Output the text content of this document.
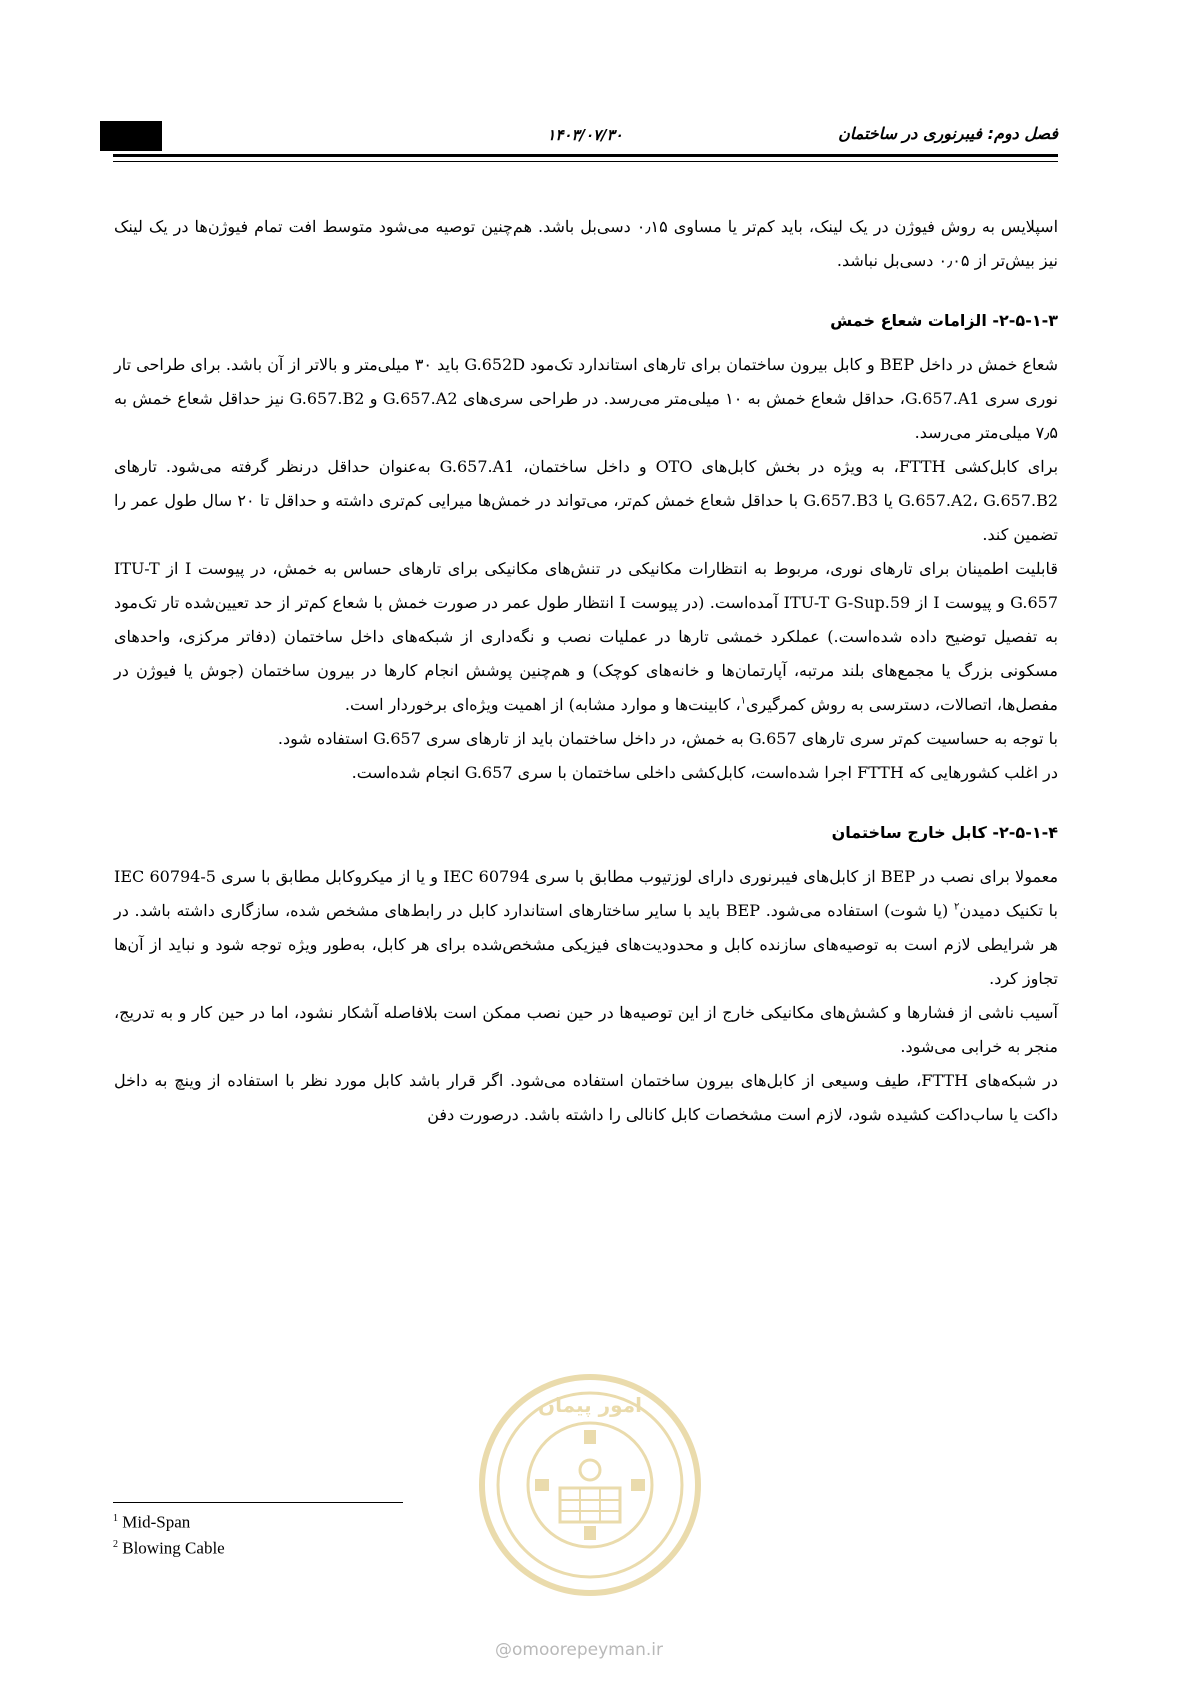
۱۴۰۳/۰۷/۳۰	فصل دوم: فیبرنوری در ساختمان

اسپلایس به روش فیوژن در یک لینک، باید کم‌تر یا مساوی ۰٫۱۵ دسی‌بل باشد. هم‌چنین توصیه می‌شود متوسط افت تمام فیوژن‌ها در یک لینک نیز بیش‌تر از ۰٫۰۵ دسی‌بل نباشد.

۲-۵-۱-۳- الزامات شعاع خمش

شعاع خمش در داخل BEP و کابل بیرون ساختمان برای تارهای استاندارد تک‌مود G.652D باید ۳۰ میلی‌متر و بالاتر از آن باشد. برای طراحی تار نوری سری G.657.A1، حداقل شعاع خمش به ۱۰ میلی‌متر می‌رسد. در طراحی سری‌های G.657.A2 و G.657.B2 نیز حداقل شعاع خمش به ۷٫۵ میلی‌متر می‌رسد.

برای کابل‌کشی FTTH، به ویژه در بخش کابل‌های OTO و داخل ساختمان، G.657.A1 به‌عنوان حداقل درنظر گرفته می‌شود. تارهای G.657.A2، G.657.B2 یا G.657.B3 با حداقل شعاع خمش کم‌تر، می‌تواند در خمش‌ها میرایی کم‌تری داشته و حداقل تا ۲۰ سال طول عمر را تضمین کند.

قابلیت اطمینان برای تارهای نوری، مربوط به انتظارات مکانیکی در تنش‌های مکانیکی برای تارهای حساس به خمش، در پیوست I از ITU-T G.657 و پیوست I از ITU-T G-Sup.59 آمده‌است. (در پیوست I انتظار طول عمر در صورت خمش با شعاع کم‌تر از حد تعیین‌شده تار تک‌مود به تفصیل توضیح داده شده‌است.) عملکرد خمشی تارها در عملیات نصب و نگه‌داری از شبکه‌های داخل ساختمان (دفاتر مرکزی، واحدهای مسکونی بزرگ یا مجمع‌های بلند مرتبه، آپارتمان‌ها و خانه‌های کوچک) و هم‌چنین پوشش انجام کارها در بیرون ساختمان (جوش یا فیوژن در مفصل‌ها، اتصالات، دسترسی به روش کمرگیری$^۱$، کابینت‌ها و موارد مشابه) از اهمیت ویژه‌ای برخوردار است.

با توجه به حساسیت کم‌تر سری تارهای G.657 به خمش، در داخل ساختمان باید از تارهای سری G.657 استفاده شود.

در اغلب کشورهایی که FTTH اجرا شده‌است، کابل‌کشی داخلی ساختمان با سری G.657 انجام شده‌است.

۲-۵-۱-۴- کابل خارج ساختمان

معمولا برای نصب در BEP از کابل‌های فیبرنوری دارای لوزتیوب مطابق با سری IEC 60794 و یا از میکروکابل مطابق با سری IEC 60794-5 با تکنیک دمیدن$^۲$ (یا شوت) استفاده می‌شود. BEP باید با سایر ساختارهای استاندارد کابل در رابط‌های مشخص شده، سازگاری داشته باشد. در هر شرایطی لازم است به توصیه‌های سازنده کابل و محدودیت‌های فیزیکی مشخص‌شده برای هر کابل، به‌طور ویژه توجه شود و نباید از آن‌ها تجاوز کرد.

آسیب ناشی از فشارها و کشش‌های مکانیکی خارج از این توصیه‌ها در حین نصب ممکن است بلافاصله آشکار نشود، اما در حین کار و به تدریج، منجر به خرابی می‌شود.

در شبکه‌های FTTH، طیف وسیعی از کابل‌های بیرون ساختمان استفاده می‌شود. اگر قرار باشد کابل مورد نظر با استفاده از وینچ به داخل داکت یا ساب‌داکت کشیده شود، لازم است مشخصات کابل کانالی را داشته باشد. درصورت دفن

$^1$ Mid-Span
$^2$ Blowing Cable
امور پیمان
@omoorepeyman.ir
